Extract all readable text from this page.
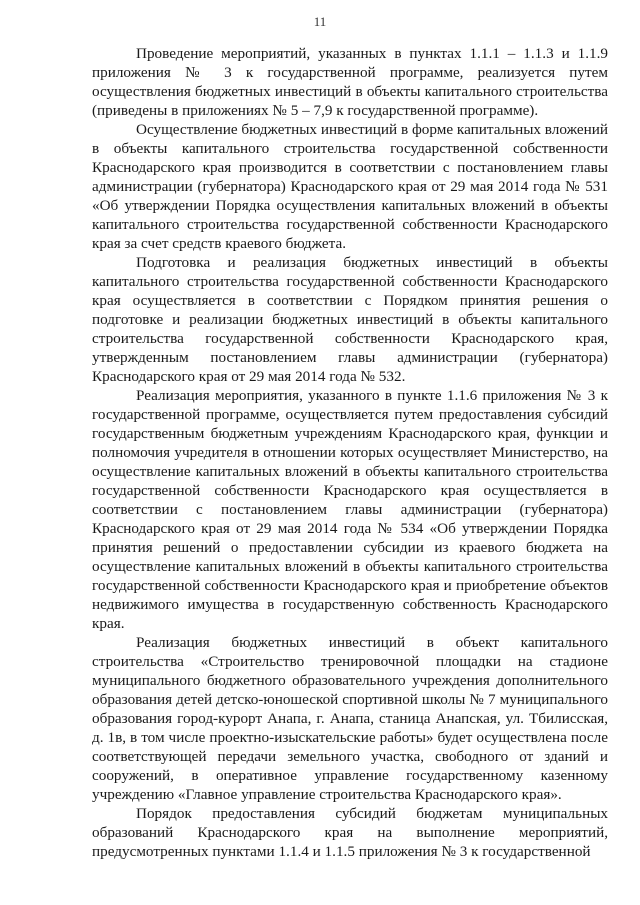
11

Проведение мероприятий, указанных в пунктах 1.1.1 – 1.1.3 и 1.1.9 приложения № 3 к государственной программе, реализуется путем осуществления бюджетных инвестиций в объекты капитального строительства (приведены в приложениях № 5 – 7,9 к государственной программе).

Осуществление бюджетных инвестиций в форме капитальных вложений в объекты капитального строительства государственной собственности Краснодарского края производится в соответствии с постановлением главы администрации (губернатора) Краснодарского края от 29 мая 2014 года № 531 «Об утверждении Порядка осуществления капитальных вложений в объекты капитального строительства государственной собственности Краснодарского края за счет средств краевого бюджета.

Подготовка и реализация бюджетных инвестиций в объекты капитального строительства государственной собственности Краснодарского края осуществляется в соответствии с Порядком принятия решения о подготовке и реализации бюджетных инвестиций в объекты капитального строительства государственной собственности Краснодарского края, утвержденным постановлением главы администрации (губернатора) Краснодарского края от 29 мая 2014 года № 532.

Реализация мероприятия, указанного в пункте 1.1.6 приложения № 3 к государственной программе, осуществляется путем предоставления субсидий государственным бюджетным учреждениям Краснодарского края, функции и полномочия учредителя в отношении которых осуществляет Министерство, на осуществление капитальных вложений в объекты капитального строительства государственной собственности Краснодарского края осуществляется в соответствии с постановлением главы администрации (губернатора) Краснодарского края от 29 мая 2014 года № 534 «Об утверждении Порядка принятия решений о предоставлении субсидии из краевого бюджета на осуществление капитальных вложений в объекты капитального строительства государственной собственности Краснодарского края и приобретение объектов недвижимого имущества в государственную собственность Краснодарского края.

Реализация бюджетных инвестиций в объект капитального строительства «Строительство тренировочной площадки на стадионе муниципального бюджетного образовательного учреждения дополнительного образования детей детско-юношеской спортивной школы № 7 муниципального образования город-курорт Анапа, г. Анапа, станица Анапская, ул. Тбилисская, д. 1в, в том числе проектно-изыскательские работы» будет осуществлена после соответствующей передачи земельного участка, свободного от зданий и сооружений, в оперативное управление государственному казенному учреждению «Главное управление строительства Краснодарского края».

Порядок предоставления субсидий бюджетам муниципальных образований Краснодарского края на выполнение мероприятий, предусмотренных пунктами 1.1.4 и 1.1.5 приложения № 3 к государственной
